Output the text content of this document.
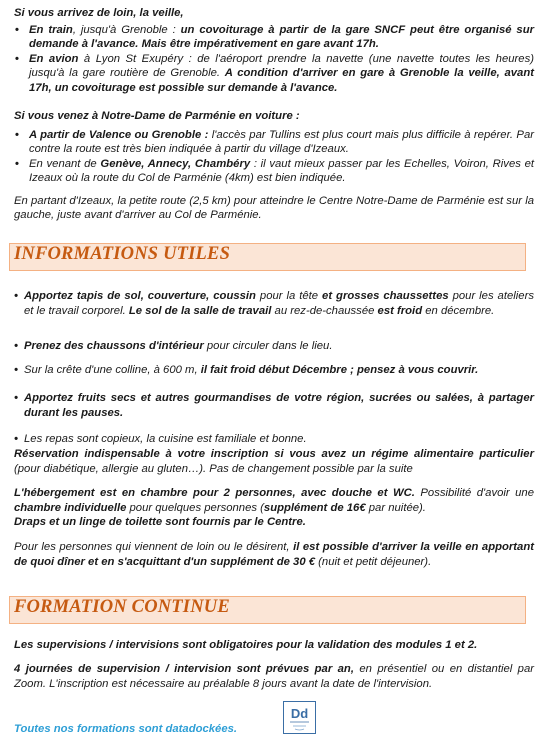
Si vous arrivez de loin, la veille,
• En train, jusqu'à Grenoble : un covoiturage à partir de la gare SNCF peut être organisé sur demande à l'avance. Mais être impérativement en gare avant 17h.
• En avion à Lyon St Exupéry : de l'aéroport prendre la navette (une navette toutes les heures) jusqu'à la gare routière de Grenoble. A condition d'arriver en gare à Grenoble la veille, avant 17h, un covoiturage est possible sur demande à l'avance.
Si vous venez à Notre-Dame de Parménie en voiture :
• A partir de Valence ou Grenoble : l'accès par Tullins est plus court mais plus difficile à repérer. Par contre la route est très bien indiquée à partir du village d'Izeaux.
• En venant de Genève, Annecy, Chambéry : il vaut mieux passer par les Echelles, Voiron, Rives et Izeaux où la route du Col de Parménie (4km) est bien indiquée.
En partant d'Izeaux, la petite route (2,5 km) pour atteindre le Centre Notre-Dame de Parménie est sur la gauche, juste avant d'arriver au Col de Parménie.
INFORMATIONS UTILES
• Apportez tapis de sol, couverture, coussin pour la tête et grosses chaussettes pour les ateliers et le travail corporel. Le sol de la salle de travail au rez-de-chaussée est froid en décembre.
• Prenez des chaussons d'intérieur pour circuler dans le lieu.
• Sur la crête d'une colline, à 600 m, il fait froid début Décembre ; pensez à vous couvrir.
• Apportez fruits secs et autres gourmandises de votre région, sucrées ou salées, à partager durant les pauses.
• Les repas sont copieux, la cuisine est familiale et bonne.
Réservation indispensable à votre inscription si vous avez un régime alimentaire particulier (pour diabétique, allergie au gluten…). Pas de changement possible par la suite
L'hébergement est en chambre pour 2 personnes, avec douche et WC. Possibilité d'avoir une chambre individuelle pour quelques personnes (supplément de 16€ par nuitée).
Draps et un linge de toilette sont fournis par le Centre.
Pour les personnes qui viennent de loin ou le désirent, il est possible d'arriver la veille en apportant de quoi dîner et en s'acquittant d'un supplément de 30 € (nuit et petit déjeuner).
FORMATION CONTINUE
Les supervisions / intervisions sont obligatoires pour la validation des modules 1 et 2.
4 journées de supervision / intervision sont prévues par an, en présentiel ou en distantiel par Zoom. L'inscription est nécessaire au préalable 8 jours avant la date de l'intervision.
Toutes nos formations sont datadockées.
Dd
